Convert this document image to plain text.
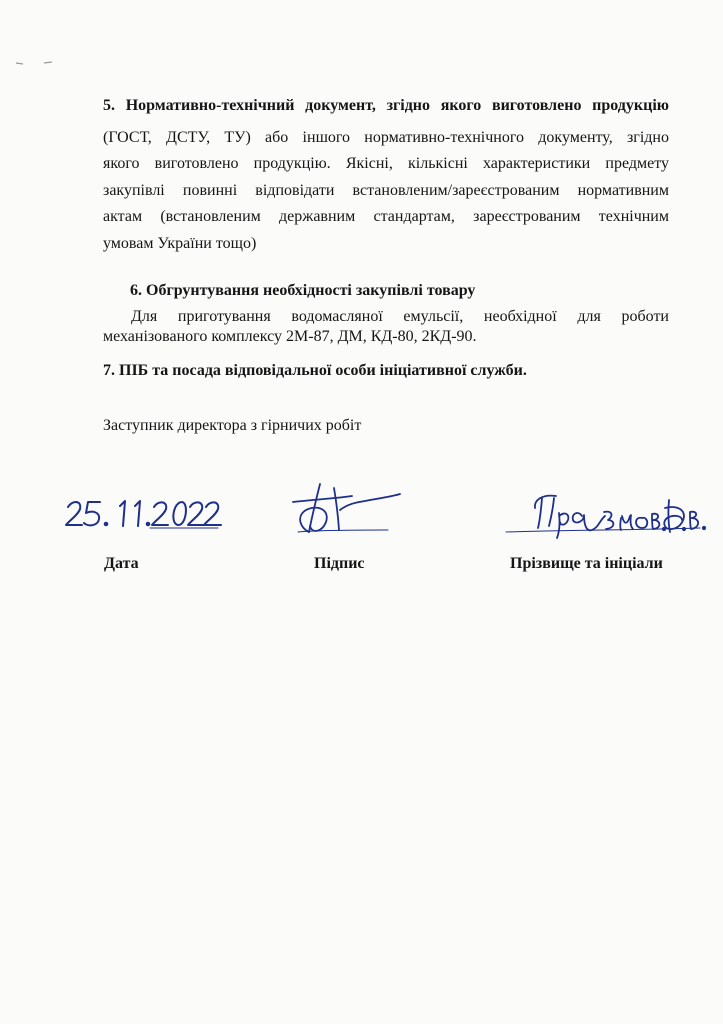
5. Нормативно-технічний документ, згідно якого виготовлено продукцію
(ГОСТ, ДСТУ, ТУ) або іншого нормативно-технічного документу, згідно
якого виготовлено продукцію. Якісні, кількісні характеристики предмету
закупівлі повинні відповідати встановленим/зареєстрованим нормативним
актам (встановленим державним стандартам, зареєстрованим технічним
умовам України тощо)
6. Обгрунтування необхідності закупівлі товару
Для приготування водомасляної емульсії, необхідної для роботи
механізованого комплексу 2М-87, ДМ, КД-80, 2КД-90.
7. ПІБ та посада відповідальної особи ініціативної служби.
Заступник директора з гірничих робіт
Дата	Підпис	Прізвище та ініціали
